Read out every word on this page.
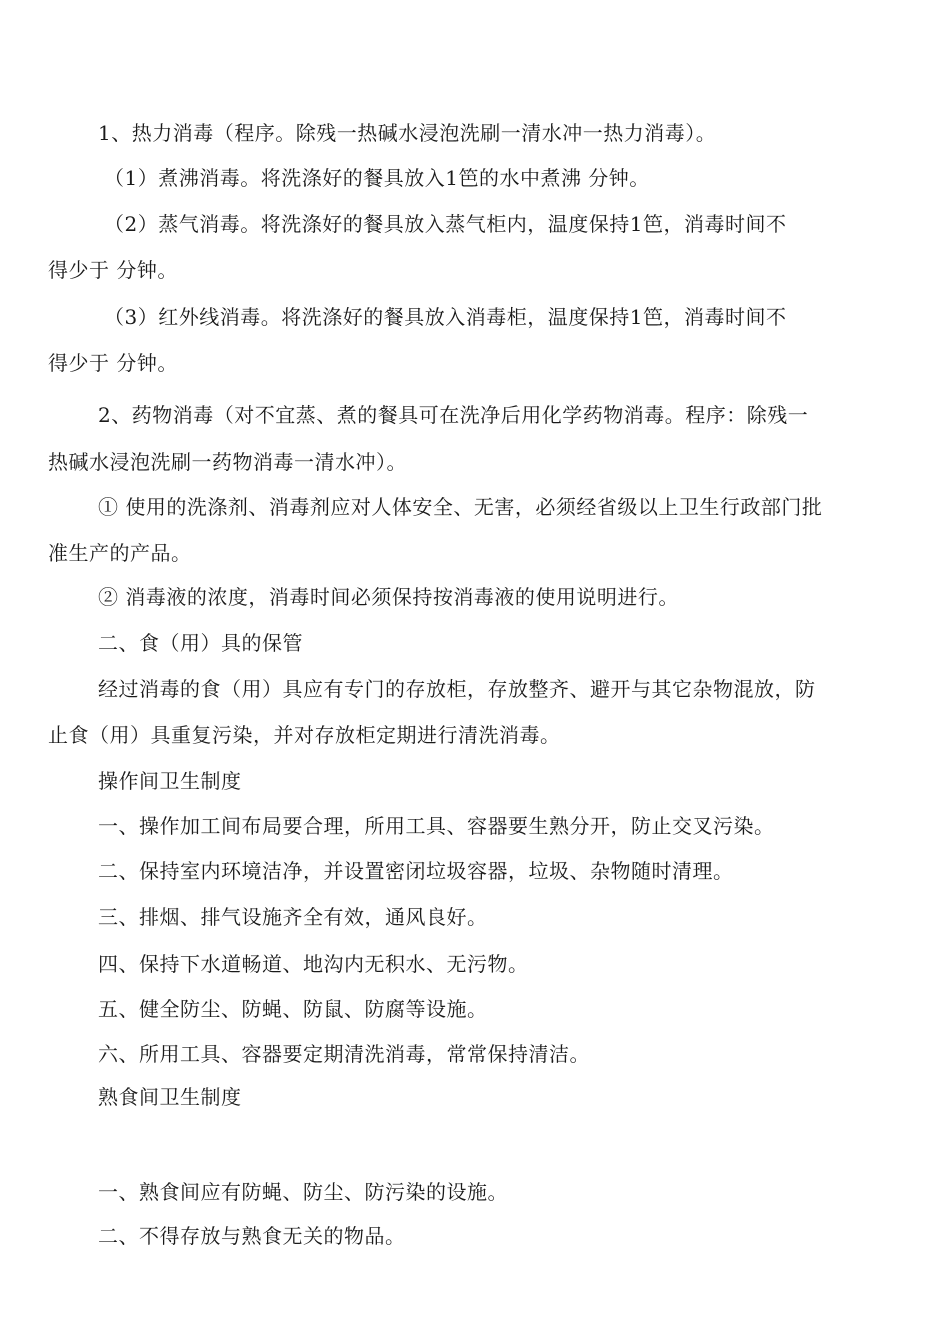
1、热力消毒（程序。除残一热碱水浸泡洗刷一清水冲一热力消毒）。
（1）煮沸消毒。将洗涤好的餐具放入1笆的水中煮沸 分钟。
（2）蒸气消毒。将洗涤好的餐具放入蒸气柜内，温度保持1笆，消毒时间不
得少于 分钟。
（3）红外线消毒。将洗涤好的餐具放入消毒柜，温度保持1笆，消毒时间不
得少于 分钟。
2、药物消毒（对不宜蒸、煮的餐具可在洗净后用化学药物消毒。程序：除残一
热碱水浸泡洗刷一药物消毒一清水冲）。
① 使用的洗涤剂、消毒剂应对人体安全、无害，必须经省级以上卫生行政部门批
准生产的产品。
② 消毒液的浓度，消毒时间必须保持按消毒液的使用说明进行。
二、食（用）具的保管
经过消毒的食（用）具应有专门的存放柜，存放整齐、避开与其它杂物混放，防
止食（用）具重复污染，并对存放柜定期进行清洗消毒。
操作间卫生制度
一、操作加工间布局要合理，所用工具、容器要生熟分开，防止交叉污染。
二、保持室内环境洁净，并设置密闭垃圾容器，垃圾、杂物随时清理。
三、排烟、排气设施齐全有效，通风良好。
四、保持下水道畅道、地沟内无积水、无污物。
五、健全防尘、防蝇、防鼠、防腐等设施。
六、所用工具、容器要定期清洗消毒，常常保持清洁。
熟食间卫生制度
一、熟食间应有防蝇、防尘、防污染的设施。
二、不得存放与熟食无关的物品。
